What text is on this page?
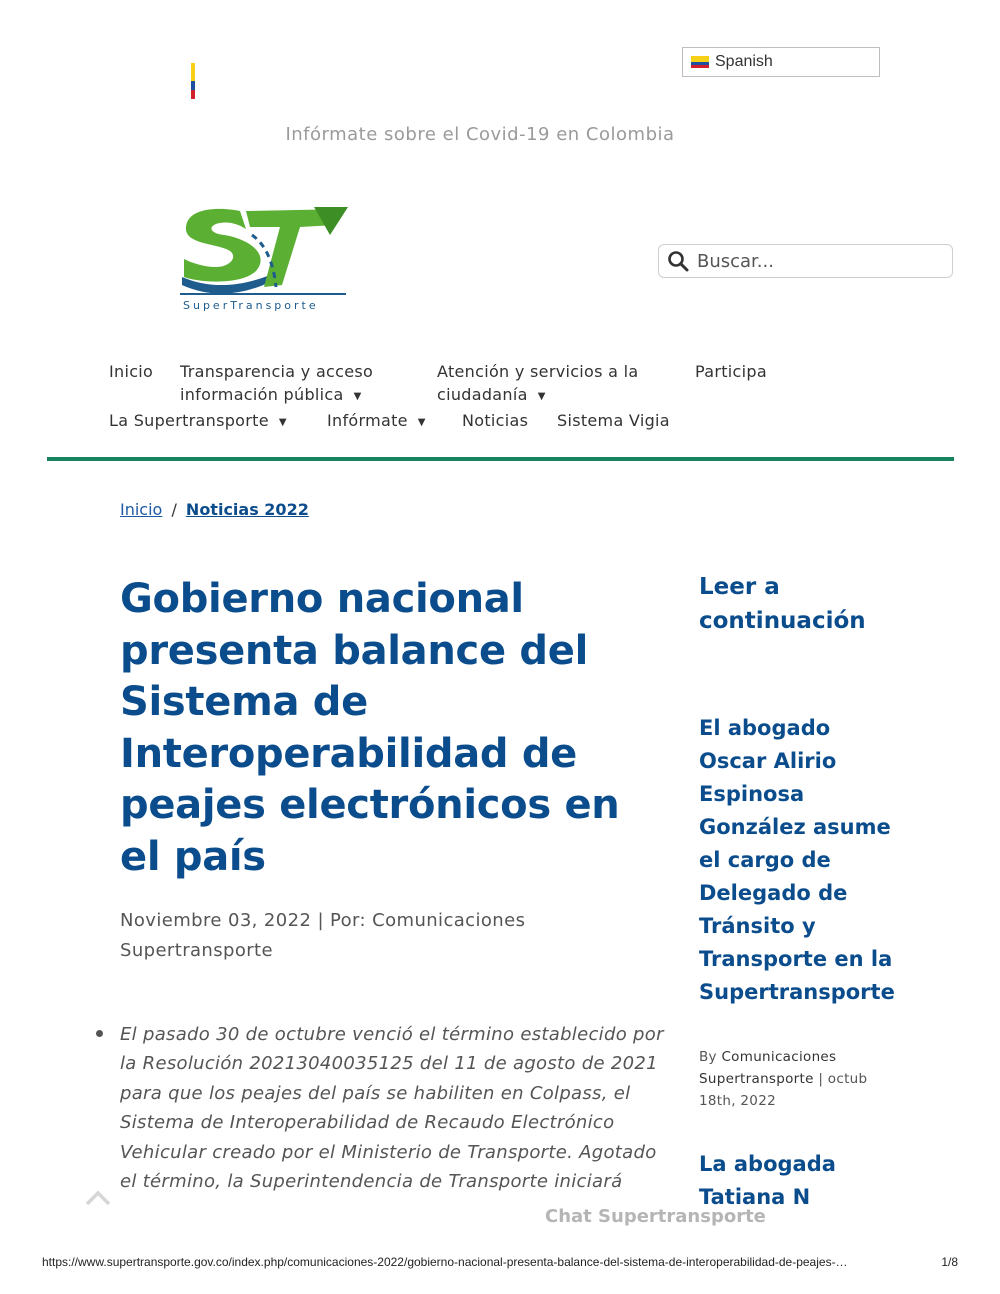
Spanish
Infórmate sobre el Covid-19 en Colombia
SuperTransporte
Buscar...
Inicio Transparencia y acceso
información pública ▼
Atención y servicios a la
ciudadanía ▼
Participa
La Supertransporte ▼	Infórmate ▼ Noticias Sistema Vigia
Inicio / Noticias 2022
Gobierno nacional presenta balance del Sistema de Interoperabilidad de peajes electrónicos en el país
Noviembre 03, 2022 | Por: Comunicaciones Supertransporte
El pasado 30 de octubre venció el término establecido por la Resolución 20213040035125 del 11 de agosto de 2021 para que los peajes del país se habiliten en Colpass, el Sistema de Interoperabilidad de Recaudo Electrónico Vehicular creado por el Ministerio de Transporte. Agotado el término, la Superintendencia de Transporte iniciará
Chat Supertransporte
Leer a continuación
El abogado Oscar Alirio Espinosa González asume el cargo de Delegado de Tránsito y Transporte en la Supertransporte
By Comunicaciones Supertransporte | octub 18th, 2022
La abogada Tatiana N
https://www.supertransporte.gov.co/index.php/comunicaciones-2022/gobierno-nacional-presenta-balance-del-sistema-de-interoperabilidad-de-peajes-…	1/8
